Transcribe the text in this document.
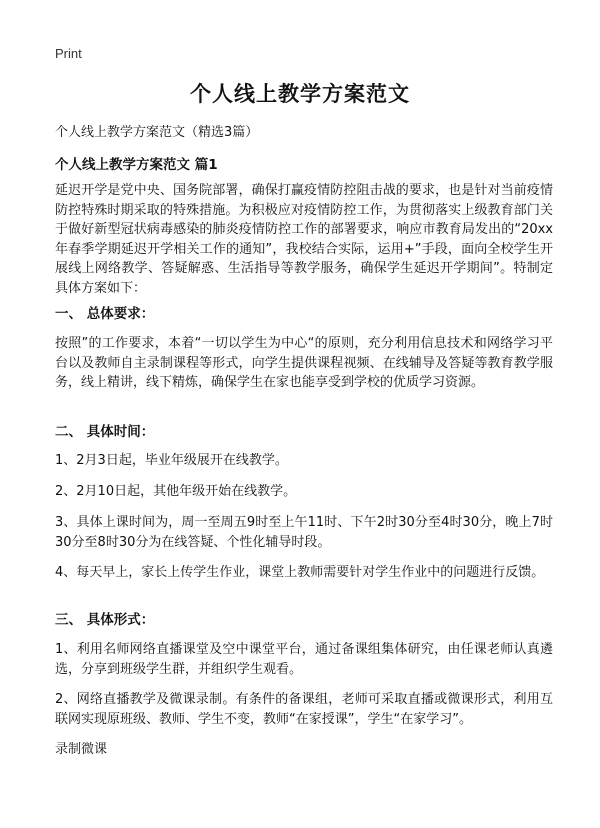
Print
个人线上教学方案范文
个人线上教学方案范文（精选3篇）
个人线上教学方案范文 篇1

延迟开学是党中央、国务院部署，确保打赢疫情防控阻击战的要求，也是针对当前疫情防控特殊时期采取的特殊措施。为积极应对疫情防控工作，为贯彻落实上级教育部门关于做好新型冠状病毒感染的肺炎疫情防控工作的部署要求，响应市教育局发出的“20xx年春季学期延迟开学相关工作的通知”，我校结合实际，运用+”手段，面向全校学生开展线上网络教学、答疑解惑、生活指导等教学服务，确保学生延迟开学期间”。特制定具体方案如下：

一、 总体要求：

按照”的工作要求，本着“一切以学生为中心“的原则，充分利用信息技术和网络学习平台以及教师自主录制课程等形式，向学生提供课程视频、在线辅导及答疑等教育教学服务，线上精讲，线下精炼，确保学生在家也能享受到学校的优质学习资源。

二、 具体时间：

1、2月3日起，毕业年级展开在线教学。

2、2月10日起，其他年级开始在线教学。

3、具体上课时间为，周一至周五9时至上午11时、下午2时30分至4时30分，晚上7时30分至8时30分为在线答疑、个性化辅导时段。

4、每天早上，家长上传学生作业，课堂上教师需要针对学生作业中的问题进行反馈。

三、 具体形式：

1、利用名师网络直播课堂及空中课堂平台，通过备课组集体研究，由任课老师认真遴选，分享到班级学生群，并组织学生观看。

2、网络直播教学及微课录制。有条件的备课组，老师可采取直播或微课形式，利用互联网实现原班级、教师、学生不变，教师“在家授课”，学生“在家学习”。

录制微课
